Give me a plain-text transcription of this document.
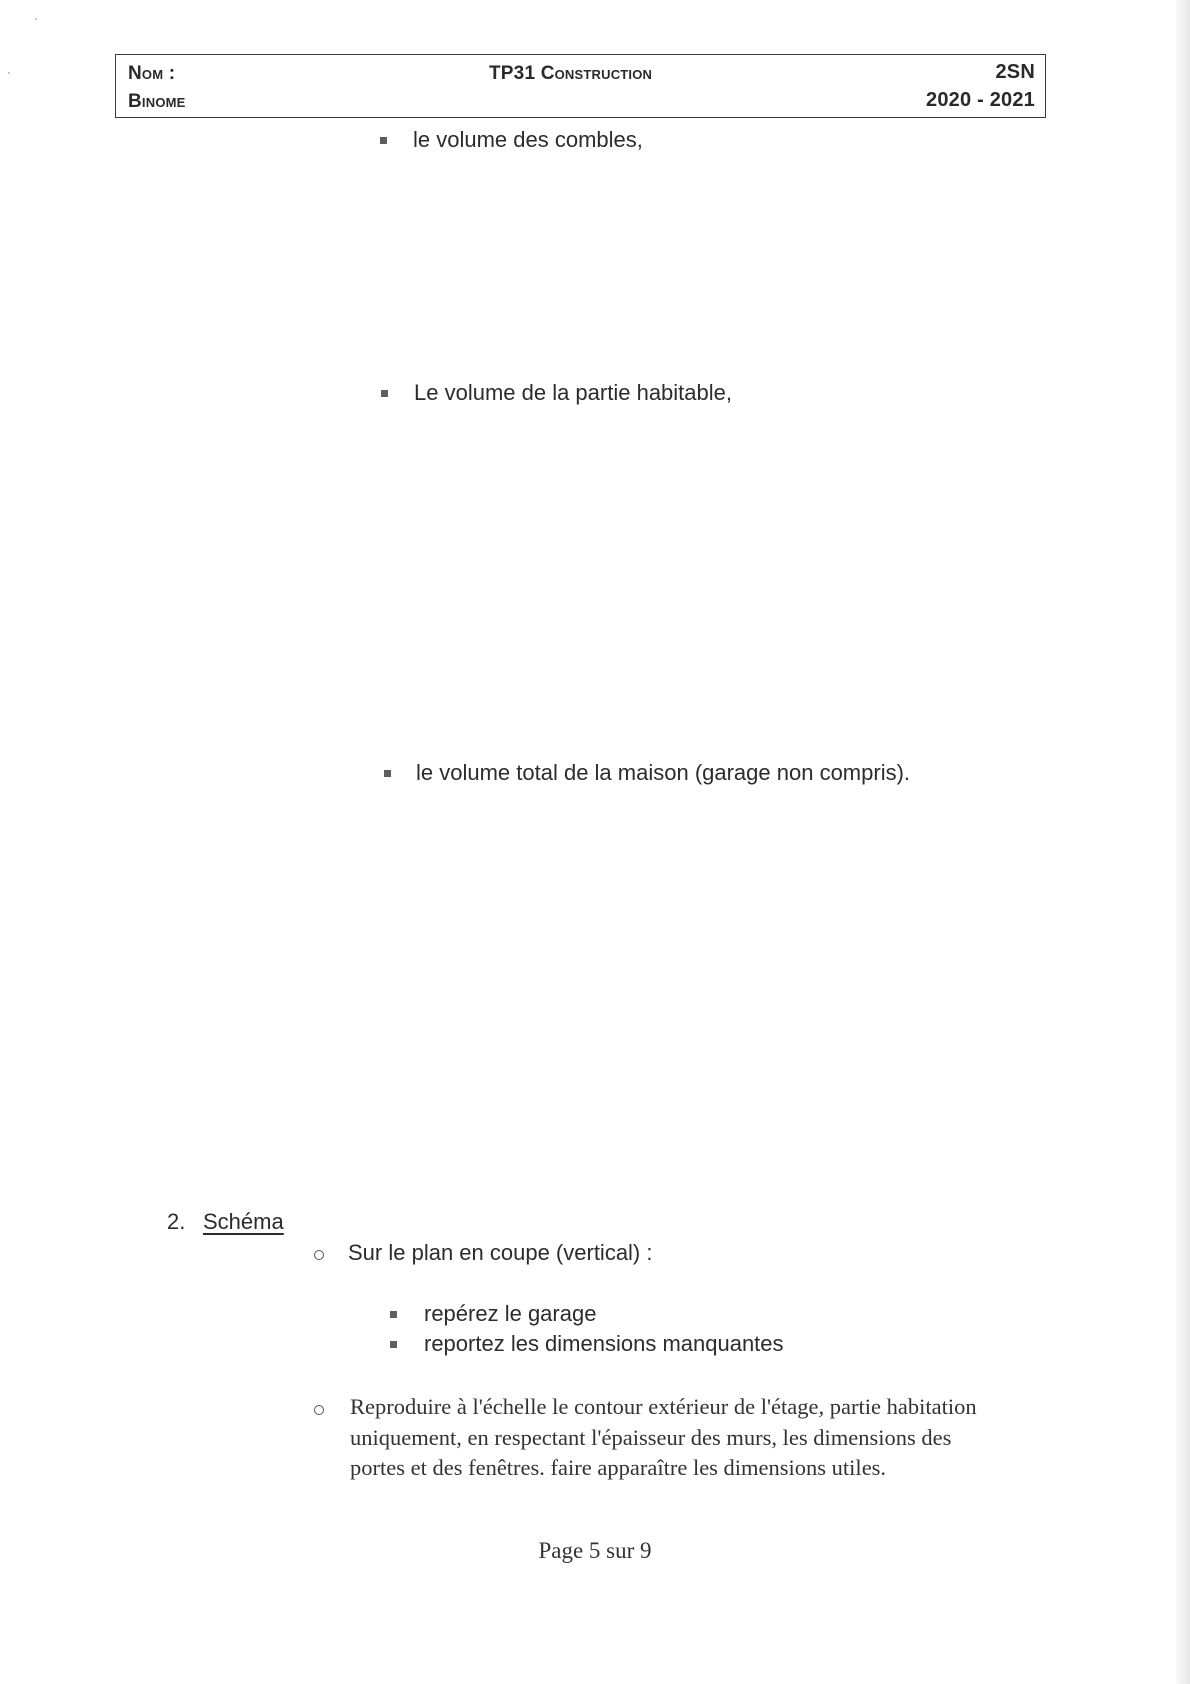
Nom :
Binome
TP31 Construction	2SN
2020 - 2021
le volume des combles,
Le volume de la partie habitable,
le volume total de la maison (garage non compris).
2. Schéma
Sur le plan en coupe (vertical) :
repérez le garage
reportez les dimensions manquantes
Reproduire à l'échelle le contour extérieur de l'étage, partie habitation uniquement, en respectant l'épaisseur des murs, les dimensions des portes et des fenêtres. faire apparaître les dimensions utiles.
Page 5 sur 9
